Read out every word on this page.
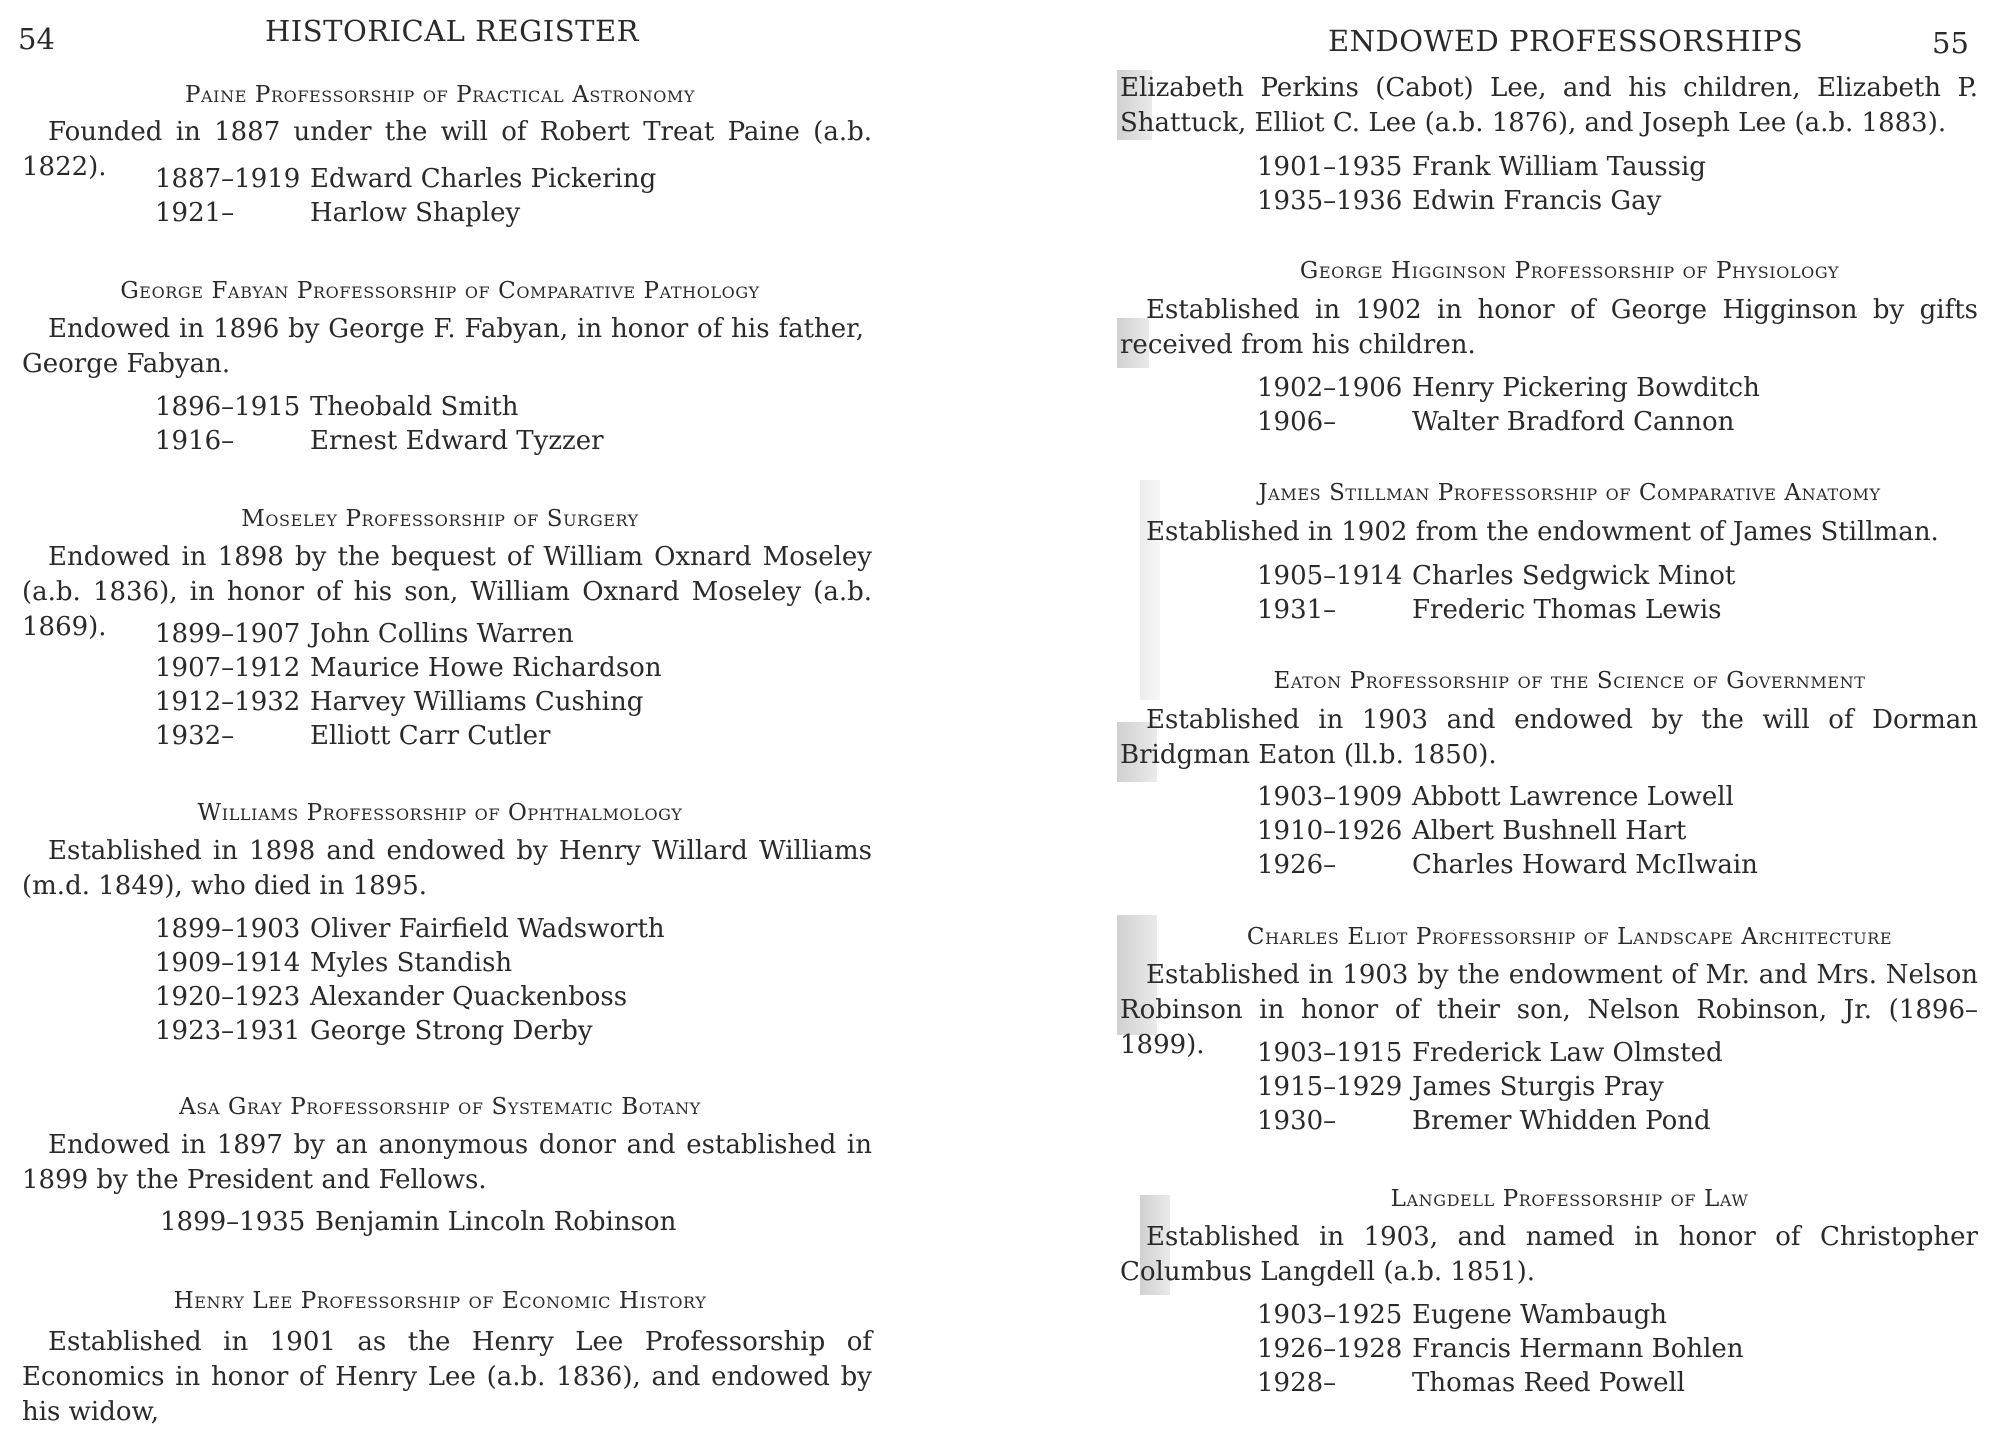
54	HISTORICAL REGISTER
Paine Professorship of Practical Astronomy
Founded in 1887 under the will of Robert Treat Paine (a.b. 1822).	1887–1919 Edward Charles Pickering
1921–	Harlow Shapley
George Fabyan Professorship of Comparative Pathology
Endowed in 1896 by George F. Fabyan, in honor of his father, George Fabyan.
1896–1915 Theobald Smith
1916–	Ernest Edward Tyzzer
Moseley Professorship of Surgery
Endowed in 1898 by the bequest of William Oxnard Moseley (a.b. 1836), in honor of his son, William Oxnard Moseley (a.b. 1869).	1899–1907 John Collins Warren
1907–1912 Maurice Howe Richardson
1912–1932 Harvey Williams Cushing
1932–	Elliott Carr Cutler
Williams Professorship of Ophthalmology
Established in 1898 and endowed by Henry Willard Williams (m.d. 1849), who died in 1895.
1899–1903 Oliver Fairfield Wadsworth
1909–1914 Myles Standish
1920–1923 Alexander Quackenboss
1923–1931 George Strong Derby
Asa Gray Professorship of Systematic Botany
Endowed in 1897 by an anonymous donor and established in 1899 by the President and Fellows.
1899–1935 Benjamin Lincoln Robinson
Henry Lee Professorship of Economic History
Established in 1901 as the Henry Lee Professorship of Economics in honor of Henry Lee (a.b. 1836), and endowed by his widow,
ENDOWED PROFESSORSHIPS	55
Elizabeth Perkins (Cabot) Lee, and his children, Elizabeth P. Shattuck, Elliot C. Lee (a.b. 1876), and Joseph Lee (a.b. 1883).
1901–1935 Frank William Taussig
1935–1936 Edwin Francis Gay
George Higginson Professorship of Physiology
Established in 1902 in honor of George Higginson by gifts received from his children.
1902–1906 Henry Pickering Bowditch
1906–	Walter Bradford Cannon
James Stillman Professorship of Comparative Anatomy
Established in 1902 from the endowment of James Stillman.
1905–1914 Charles Sedgwick Minot
1931–	Frederic Thomas Lewis
Eaton Professorship of the Science of Government
Established in 1903 and endowed by the will of Dorman Bridgman Eaton (ll.b. 1850).
1903–1909 Abbott Lawrence Lowell
1910–1926 Albert Bushnell Hart
1926–	Charles Howard McIlwain
Charles Eliot Professorship of Landscape Architecture
Established in 1903 by the endowment of Mr. and Mrs. Nelson Robinson in honor of their son, Nelson Robinson, Jr. (1896–1899).	1903–1915 Frederick Law Olmsted
1915–1929 James Sturgis Pray
1930–	Bremer Whidden Pond
Langdell Professorship of Law
Established in 1903, and named in honor of Christopher Columbus Langdell (a.b. 1851).
1903–1925 Eugene Wambaugh
1926–1928 Francis Hermann Bohlen
1928–	Thomas Reed Powell
